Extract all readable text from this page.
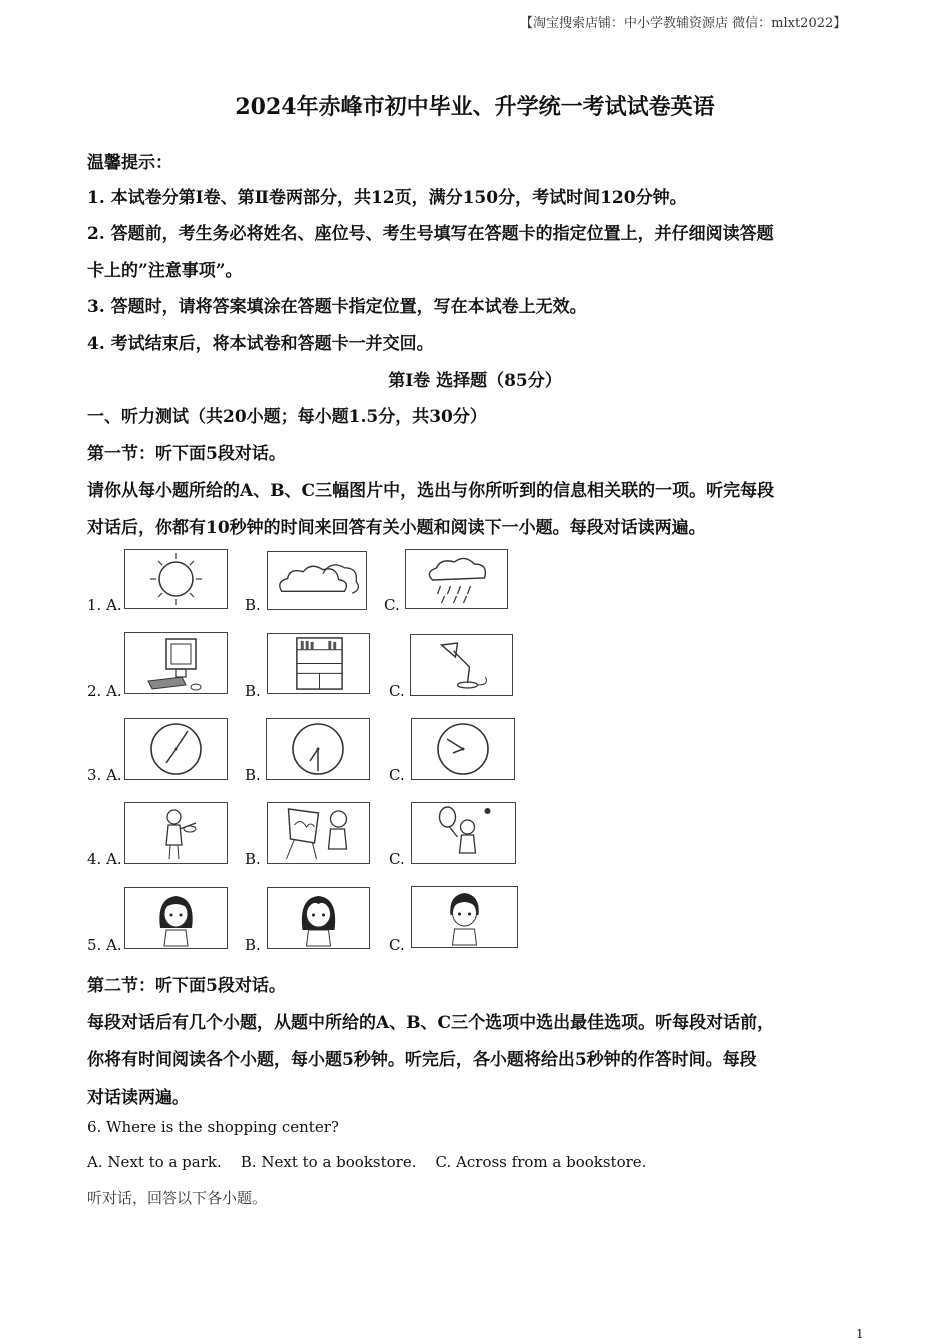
【淘宝搜索店铺：中小学教辅资源店 微信：mlxt2022】
2024年赤峰市初中毕业、升学统一考试试卷英语
温馨提示：
1. 本试卷分第Ⅰ卷、第Ⅱ卷两部分，共12页，满分150分，考试时间120分钟。
2. 答题前，考生务必将姓名、座位号、考生号填写在答题卡的指定位置上，并仔细阅读答题
卡上的”注意事项”。
3. 答题时，请将答案填涂在答题卡指定位置，写在本试卷上无效。
4. 考试结束后，将本试卷和答题卡一并交回。
第Ⅰ卷 选择题（85分）
一、听力测试（共20小题；每小题1.5分，共30分）
第一节：听下面5段对话。
请你从每小题所给的A、B、C三幅图片中，选出与你所听到的信息相关联的一项。听完每段
对话后，你都有10秒钟的时间来回答有关小题和阅读下一小题。每段对话读两遍。
1. A.	B.	C.
2. A.	B.	C.
3. A.	B.	C.
4. A.	B.	C.
5. A.	B.	C.
第二节：听下面5段对话。
每段对话后有几个小题，从题中所给的A、B、C三个选项中选出最佳选项。听每段对话前，
你将有时间阅读各个小题，每小题5秒钟。听完后，各小题将给出5秒钟的作答时间。每段
对话读两遍。
6. Where is the shopping center?
A. Next to a park.    B. Next to a bookstore.    C. Across from a bookstore.
听对话，回答以下各小题。
1
